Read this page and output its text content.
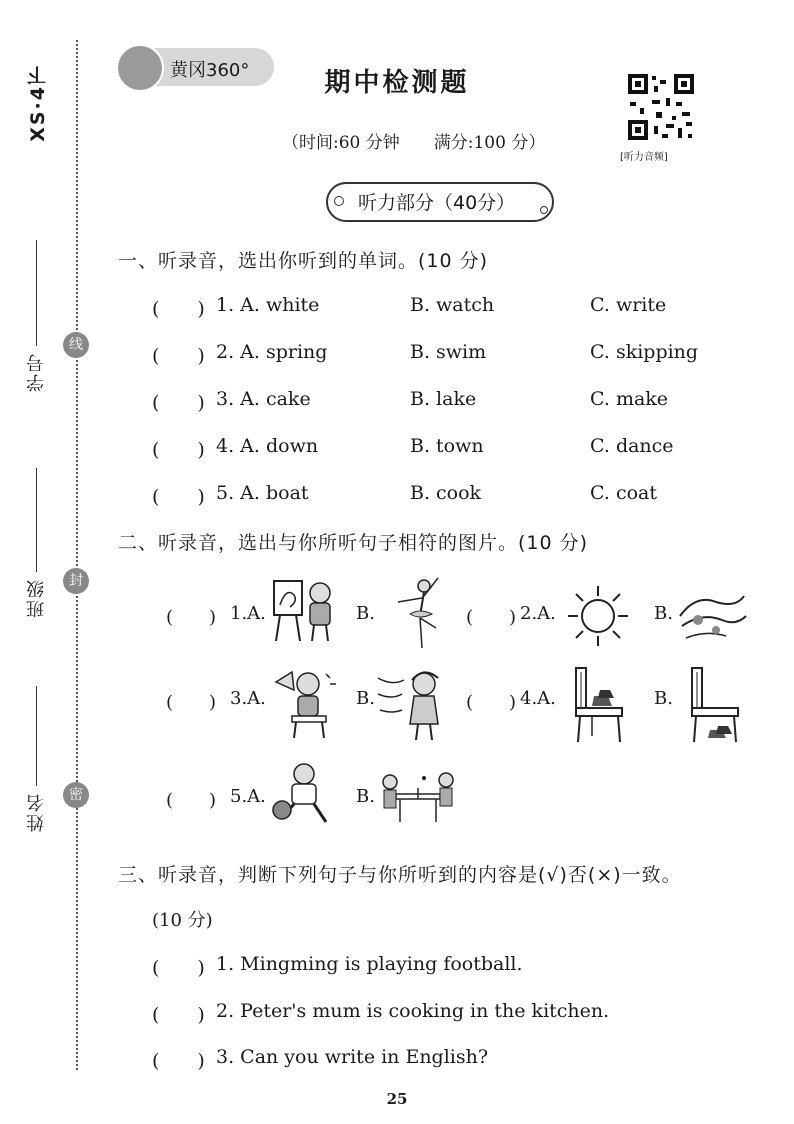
XS·4下
学号
班级
姓名
线
封
密
黄冈360°	期中检测题
（时间:60 分钟　　满分:100 分）
[听力音频]
听力部分（40分）
一、听录音，选出你听到的单词。(10 分)
(　　) 1. A. white	B. watch	C. write
(　　) 2. A. spring	B. swim	C. skipping
(　　) 3. A. cake	B. lake	C. make
(　　) 4. A. down	B. town	C. dance
(　　) 5. A. boat	B. cook	C. coat
二、听录音，选出与你所听句子相符的图片。(10 分)
(　　) 1.A.	B.	(　　) 2.A.	B.
(　　) 3.A.	B.	(　　) 4.A.	B.
(　　) 5.A.	B.
三、听录音，判断下列句子与你所听到的内容是(√)否(×)一致。
(10 分)
(　　) 1. Mingming is playing football.
(　　) 2. Peter's mum is cooking in the kitchen.
(　　) 3. Can you write in English?
25
